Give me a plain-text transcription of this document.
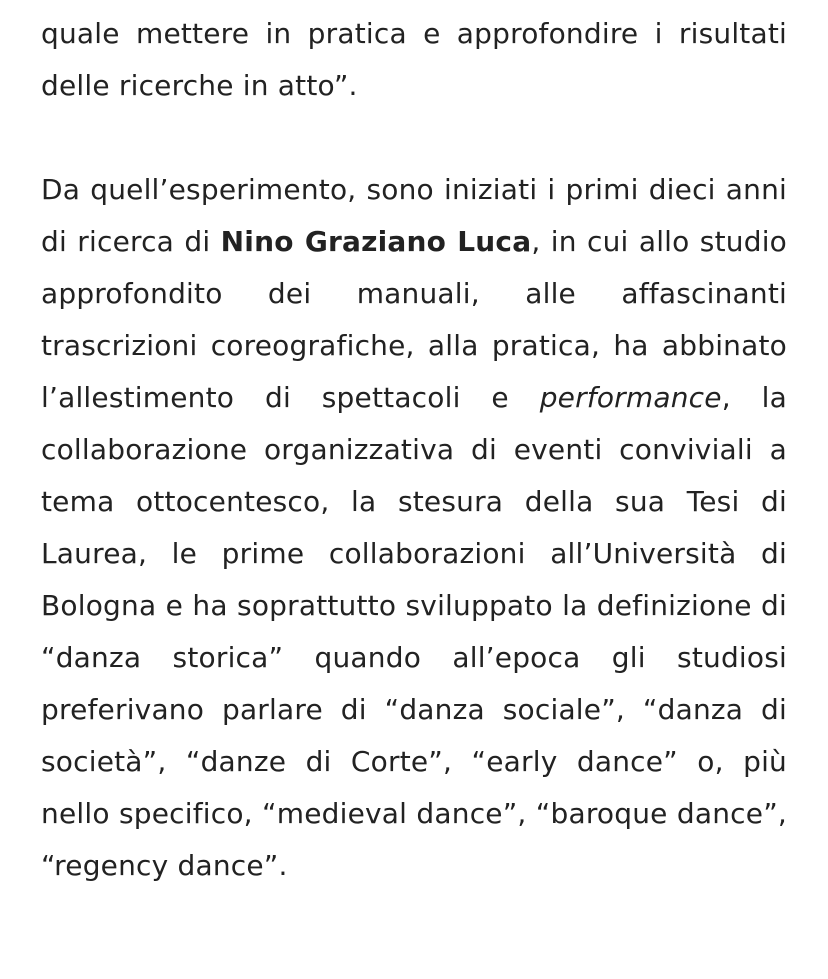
quale mettere in pratica e approfondire i risultati delle ricerche in atto”.

Da quell’esperimento, sono iniziati i primi dieci anni di ricerca di Nino Graziano Luca, in cui allo studio approfondito dei manuali, alle affascinanti trascrizioni coreografiche, alla pratica, ha abbinato l’allestimento di spettacoli e performance, la collaborazione organizzativa di eventi conviviali a tema ottocentesco, la stesura della sua Tesi di Laurea, le prime collaborazioni all’Università di Bologna e ha soprattutto sviluppato la definizione di “danza storica” quando all’epoca gli studiosi preferivano parlare di “danza sociale”, “danza di società”, “danze di Corte”, “early dance” o, più nello specifico, “medieval dance”, “baroque dance”, “regency dance”.
